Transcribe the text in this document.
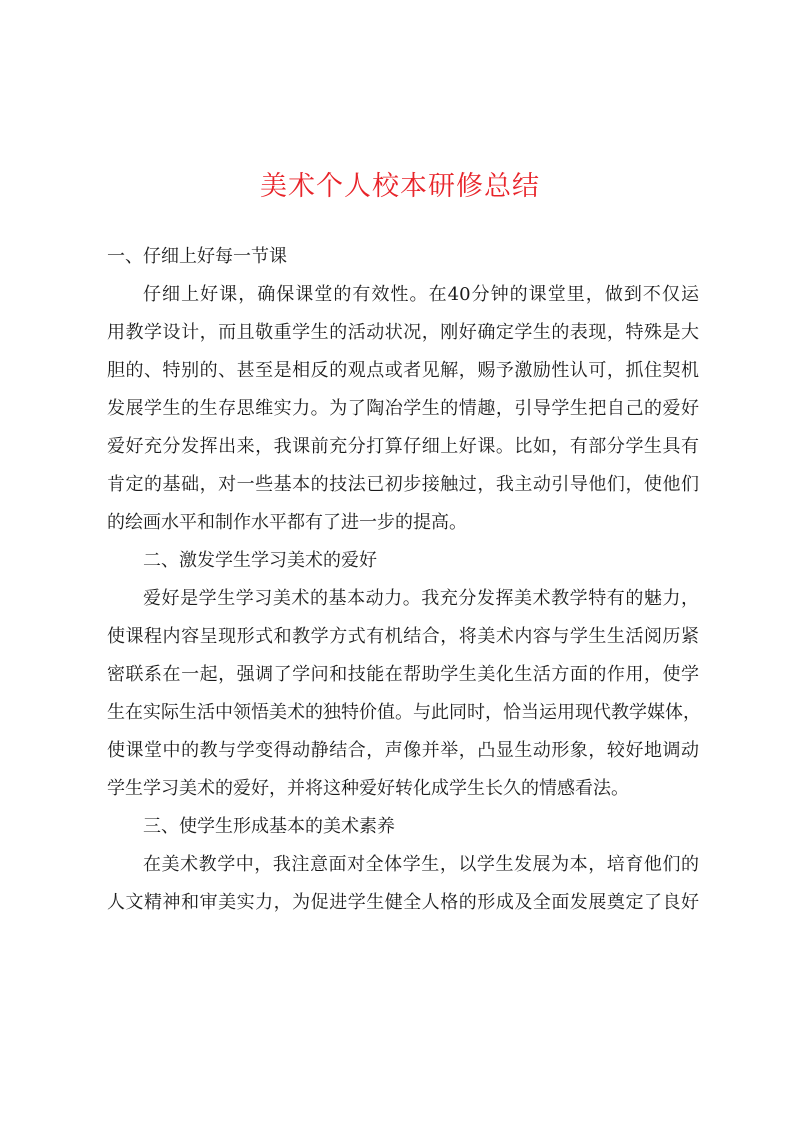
美术个人校本研修总结

一、仔细上好每一节课

仔细上好课，确保课堂的有效性。在40分钟的课堂里，做到不仅运

用教学设计，而且敬重学生的活动状况，刚好确定学生的表现，特殊是大

胆的、特别的、甚至是相反的观点或者见解，赐予激励性认可，抓住契机

发展学生的生存思维实力。为了陶冶学生的情趣，引导学生把自己的爱好

爱好充分发挥出来，我课前充分打算仔细上好课。比如，有部分学生具有

肯定的基础，对一些基本的技法已初步接触过，我主动引导他们，使他们

的绘画水平和制作水平都有了进一步的提高。

二、激发学生学习美术的爱好

爱好是学生学习美术的基本动力。我充分发挥美术教学特有的魅力，

使课程内容呈现形式和教学方式有机结合，将美术内容与学生生活阅历紧

密联系在一起，强调了学问和技能在帮助学生美化生活方面的作用，使学

生在实际生活中领悟美术的独特价值。与此同时，恰当运用现代教学媒体，

使课堂中的教与学变得动静结合，声像并举，凸显生动形象，较好地调动

学生学习美术的爱好，并将这种爱好转化成学生长久的情感看法。

三、使学生形成基本的美术素养

在美术教学中，我注意面对全体学生，以学生发展为本，培育他们的

人文精神和审美实力，为促进学生健全人格的形成及全面发展奠定了良好
